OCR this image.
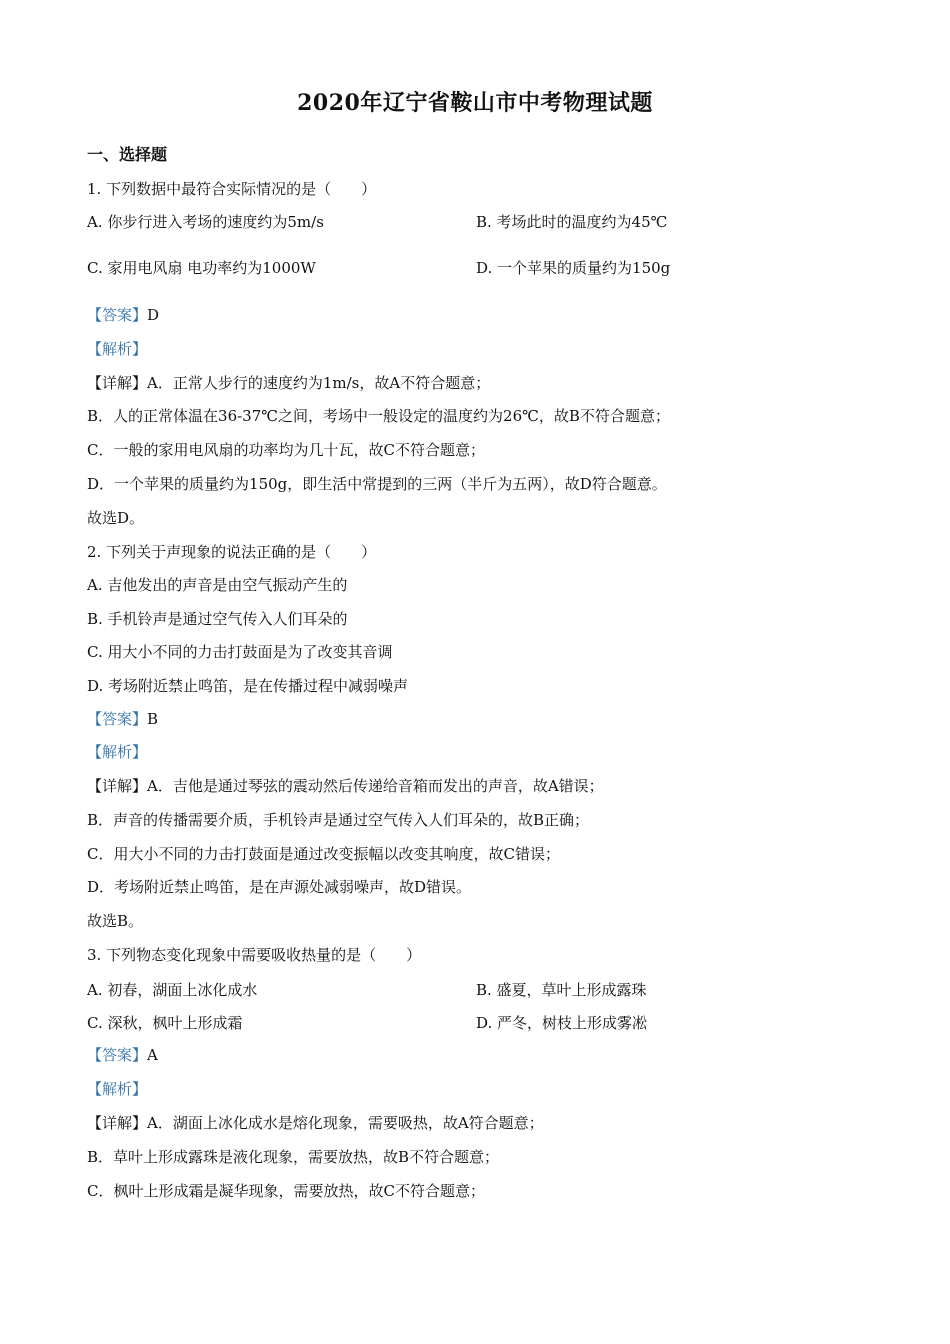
2020年辽宁省鞍山市中考物理试题
一、选择题
1. 下列数据中最符合实际情况的是（　　）
A. 你步行进入考场的速度约为5m/s	B. 考场此时的温度约为45℃
C. 家用电风扇 电功率约为1000W	D. 一个苹果的质量约为150g
【答案】D
【解析】
【详解】A．正常人步行的速度约为1m/s，故A不符合题意；
B．人的正常体温在36-37℃之间，考场中一般设定的温度约为26℃，故B不符合题意；
C．一般的家用电风扇的功率均为几十瓦，故C不符合题意；
D．一个苹果的质量约为150g，即生活中常提到的三两（半斤为五两），故D符合题意。
故选D。
2. 下列关于声现象的说法正确的是（　　）
A. 吉他发出的声音是由空气振动产生的
B. 手机铃声是通过空气传入人们耳朵的
C. 用大小不同的力击打鼓面是为了改变其音调
D. 考场附近禁止鸣笛，是在传播过程中减弱噪声
【答案】B
【解析】
【详解】A．吉他是通过琴弦的震动然后传递给音箱而发出的声音，故A错误；
B．声音的传播需要介质，手机铃声是通过空气传入人们耳朵的，故B正确；
C．用大小不同的力击打鼓面是通过改变振幅以改变其响度，故C错误；
D．考场附近禁止鸣笛，是在声源处减弱噪声，故D错误。
故选B。
3. 下列物态变化现象中需要吸收热量的是（　　）
A. 初春，湖面上冰化成水	B. 盛夏，草叶上形成露珠
C. 深秋，枫叶上形成霜	D. 严冬，树枝上形成雾凇
【答案】A
【解析】
【详解】A．湖面上冰化成水是熔化现象，需要吸热，故A符合题意；
B．草叶上形成露珠是液化现象，需要放热，故B不符合题意；
C．枫叶上形成霜是凝华现象，需要放热，故C不符合题意；
